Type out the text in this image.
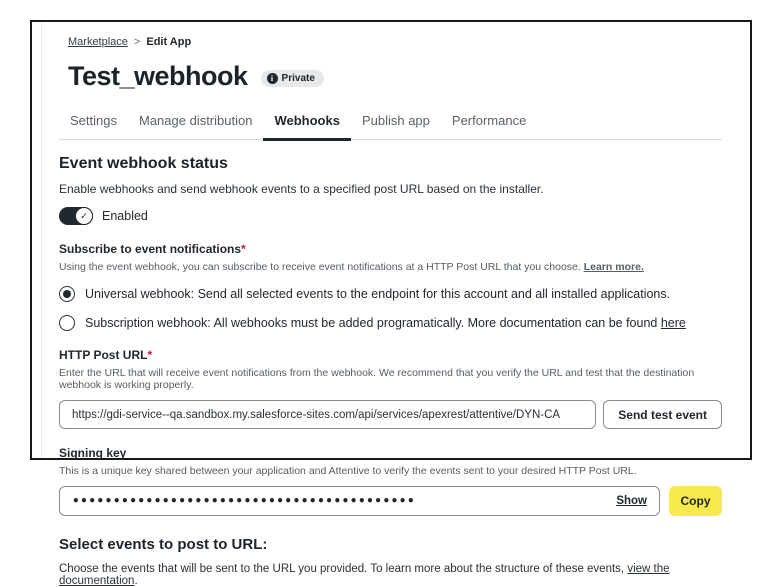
Marketplace > Edit App
Test_webhook	i Private
Settings	Manage distribution	Webhooks	Publish app	Performance
Event webhook status
Enable webhooks and send webhook events to a specified post URL based on the installer.
✓	Enabled
Subscribe to event notifications*
Using the event webhook, you can subscribe to receive event notifications at a HTTP Post URL that you choose. Learn more.
Universal webhook: Send all selected events to the endpoint for this account and all installed applications.
Subscription webhook: All webhooks must be added programatically. More documentation can be found here
HTTP Post URL*
Enter the URL that will receive event notifications from the webhook. We recommend that you verify the URL and test that the destination webhook is working properly.
https://gdi-service--qa.sandbox.my.salesforce-sites.com/api/services/apexrest/attentive/DYN-CA
Send test event
Signing key
This is a unique key shared between your application and Attentive to verify the events sent to your desired HTTP Post URL.
••••••••••••••••••••••••••••••••••••••••••
Show	Copy
Select events to post to URL:
Choose the events that will be sent to the URL you provided. To learn more about the structure of these events, view the documentation.
